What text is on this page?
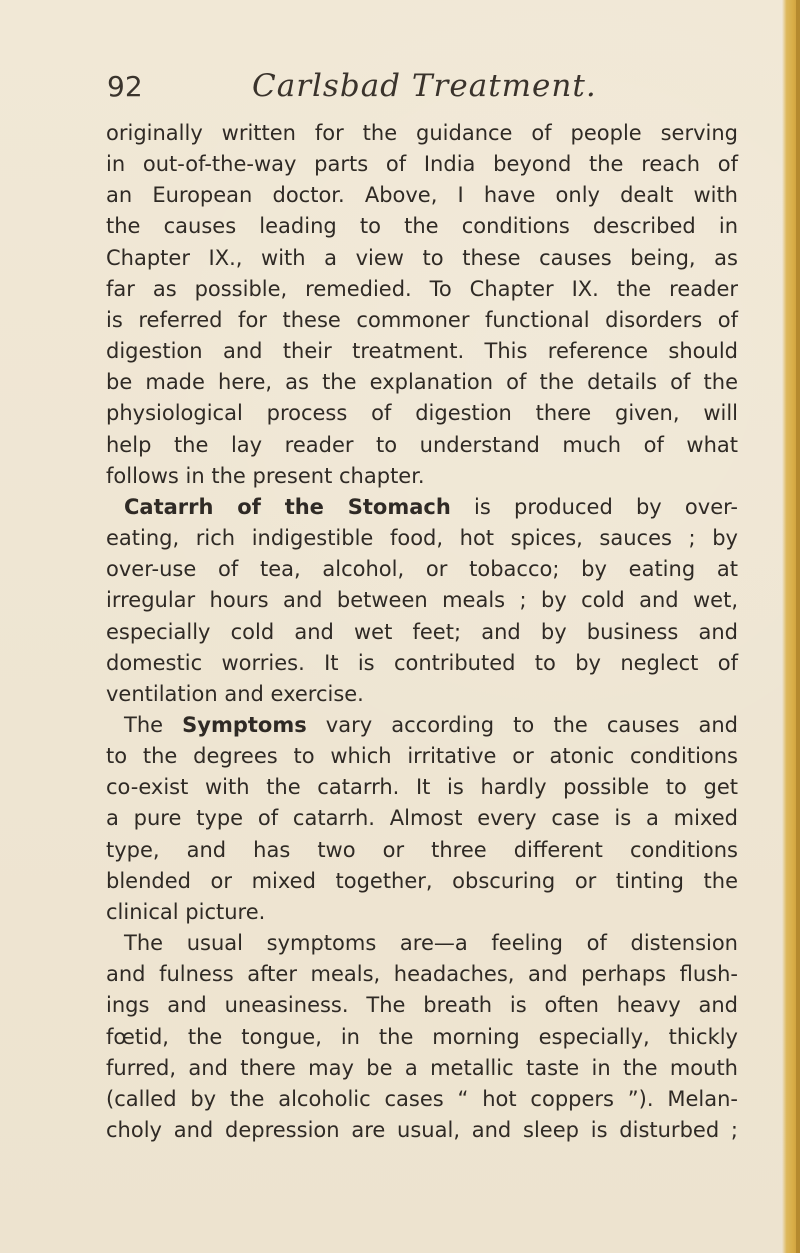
92	Carlsbad Treatment.
originally written for the guidance of people serving
in out-of-the-way parts of India beyond the reach of
an European doctor. Above, I have only dealt with
the causes leading to the conditions described in
Chapter IX., with a view to these causes being, as
far as possible, remedied. To Chapter IX. the reader
is referred for these commoner functional disorders of
digestion and their treatment. This reference should
be made here, as the explanation of the details of the
physiological process of digestion there given, will
help the lay reader to understand much of what
follows in the present chapter.
Catarrh of the Stomach is produced by over-
eating, rich indigestible food, hot spices, sauces ; by
over-use of tea, alcohol, or tobacco; by eating at
irregular hours and between meals ; by cold and wet,
especially cold and wet feet; and by business and
domestic worries. It is contributed to by neglect of
ventilation and exercise.
The Symptoms vary according to the causes and
to the degrees to which irritative or atonic conditions
co-exist with the catarrh. It is hardly possible to get
a pure type of catarrh. Almost every case is a mixed
type, and has two or three different conditions
blended or mixed together, obscuring or tinting the
clinical picture.
The usual symptoms are—a feeling of distension
and fulness after meals, headaches, and perhaps flush-
ings and uneasiness. The breath is often heavy and
fœtid, the tongue, in the morning especially, thickly
furred, and there may be a metallic taste in the mouth
(called by the alcoholic cases “ hot coppers ”). Melan-
choly and depression are usual, and sleep is disturbed ;
